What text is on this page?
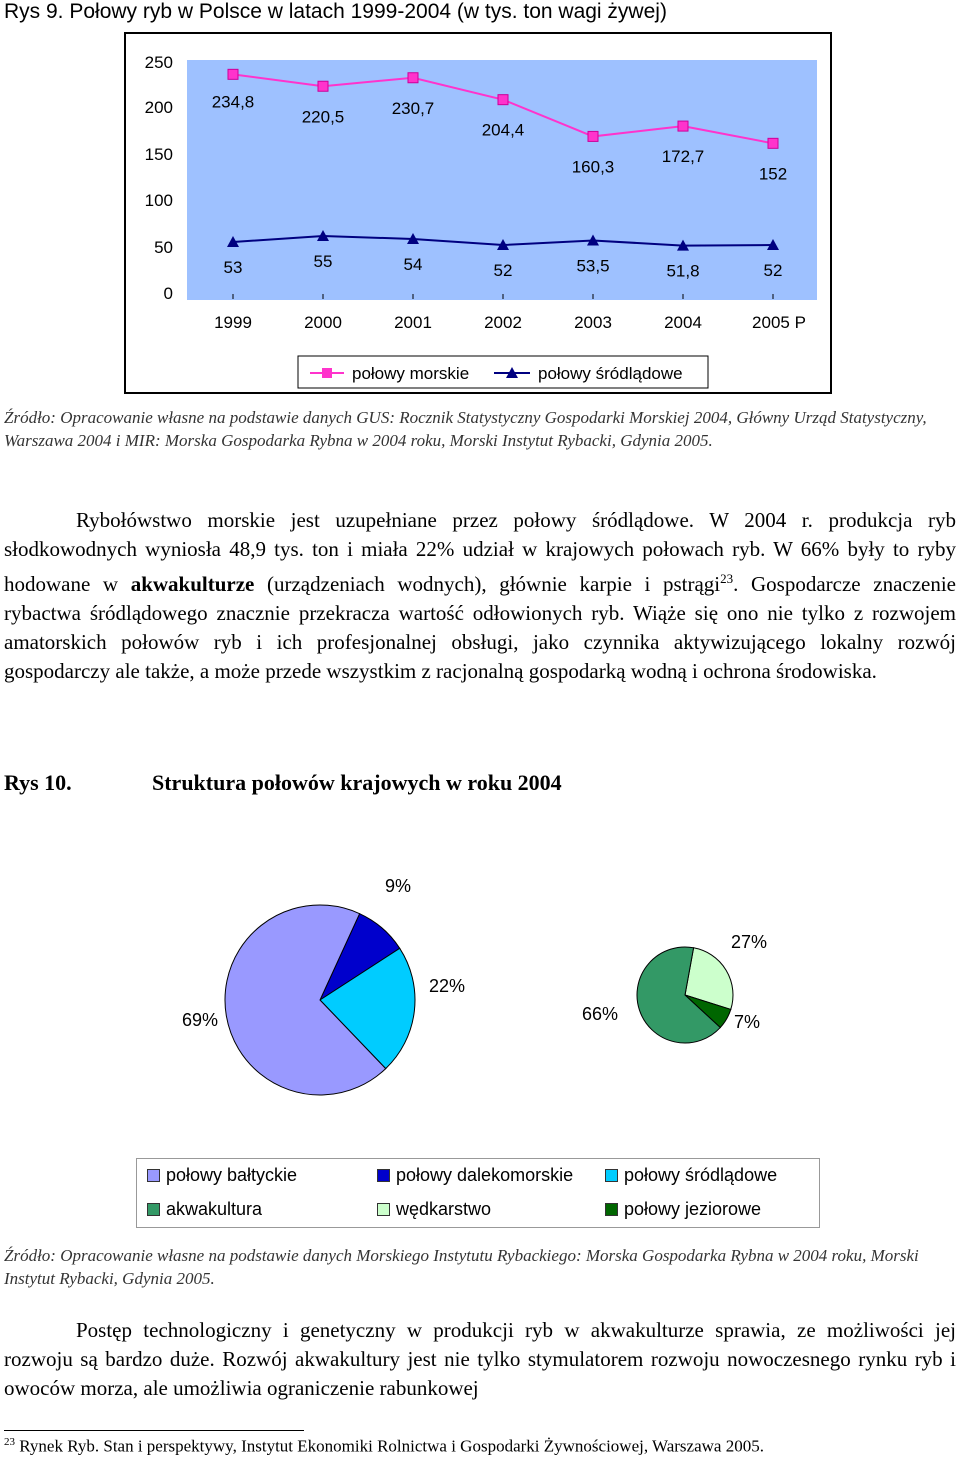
Rys 9. Połowy ryb w Polsce w latach 1999-2004 (w tys. ton wagi żywej)
0
50
100
150
200
250
1999	2000	2001	2002	2003	2004	2005 P
234,8
220,5	230,7
204,4
160,3
172,7
152
53	55	54	52	53,5	51,8	52
połowy morskie	połowy śródlądowe
Źródło: Opracowanie własne na podstawie danych GUS: Rocznik Statystyczny Gospodarki Morskiej 2004, Główny Urząd Statystyczny, Warszawa 2004 i MIR: Morska Gospodarka Rybna w 2004 roku, Morski Instytut Rybacki, Gdynia 2005.
Rybołówstwo morskie jest uzupełniane przez połowy śródlądowe. W 2004 r. produkcja ryb słodkowodnych wyniosła 48,9 tys. ton i miała 22% udział w krajowych połowach ryb. W 66% były to ryby hodowane w akwakulturze (urządzeniach wodnych), głównie karpie i pstrągi$^{23}$. Gospodarcze znaczenie rybactwa śródlądowego znacznie przekracza wartość odłowionych ryb. Wiąże się ono nie tylko z rozwojem amatorskich połowów ryb i ich profesjonalnej obsługi, jako czynnika aktywizującego lokalny rozwój gospodarczy ale także, a może przede wszystkim z racjonalną gospodarką wodną i ochrona środowiska.
Rys 10.	Struktura połowów krajowych w roku 2004
69%
9%
22%
66%
27%
7%
połowy bałtyckie	połowy dalekomorskie	połowy śródlądowe
akwakultura	wędkarstwo	połowy jeziorowe
Źródło: Opracowanie własne na podstawie danych Morskiego Instytutu Rybackiego: Morska Gospodarka Rybna w 2004 roku, Morski Instytut Rybacki, Gdynia 2005.
Postęp technologiczny i genetyczny w produkcji ryb w akwakulturze sprawia, ze możliwości jej rozwoju są bardzo duże. Rozwój akwakultury jest nie tylko stymulatorem rozwoju nowoczesnego rynku ryb i owoców morza, ale umożliwia ograniczenie rabunkowej
$^{23}$ Rynek Ryb. Stan i perspektywy, Instytut Ekonomiki Rolnictwa i Gospodarki Żywnościowej, Warszawa 2005.
